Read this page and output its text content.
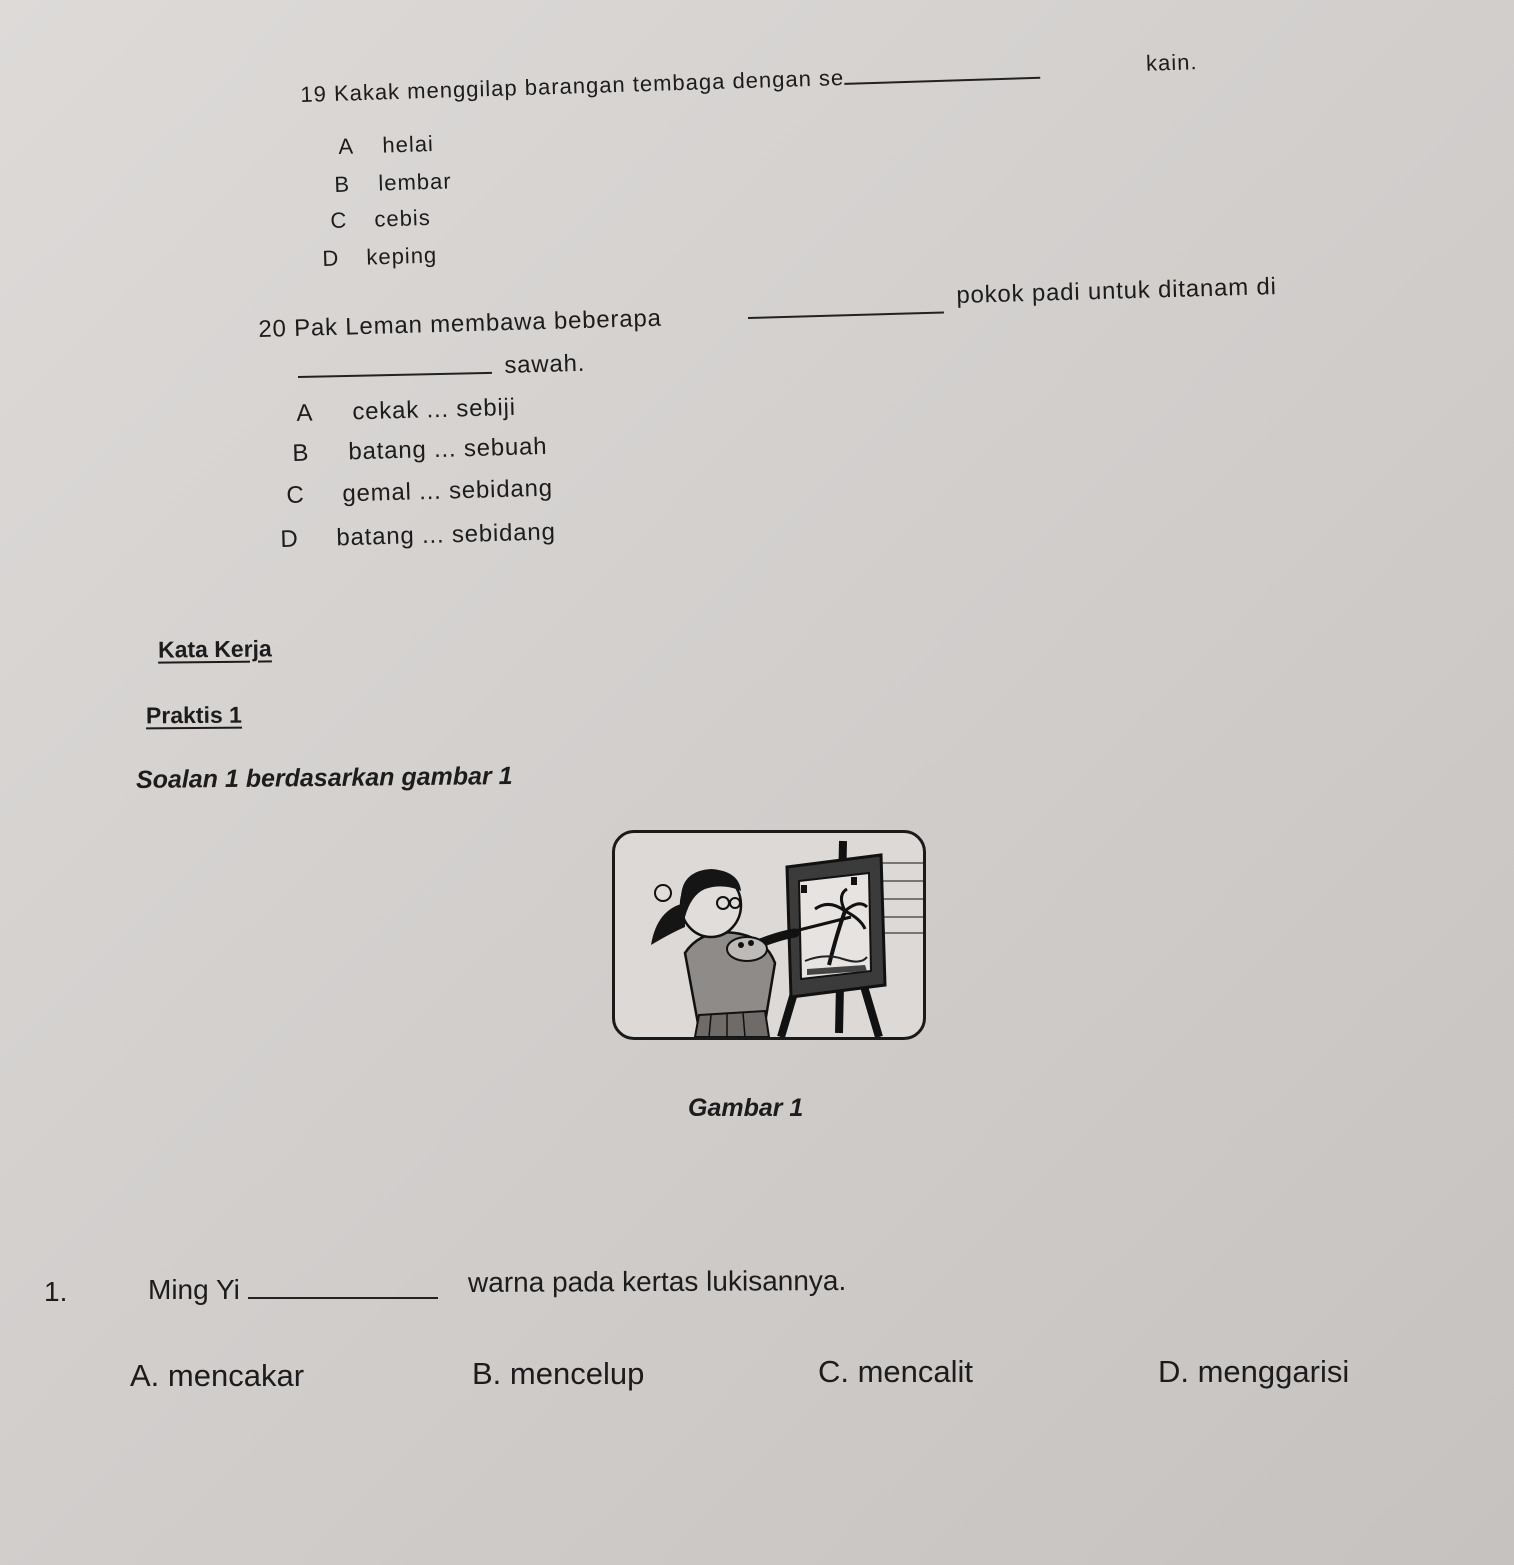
19 Kakak menggilap barangan tembaga dengan se
kain.
A helai
B lembar
C cebis
D keping
20 Pak Leman membawa beberapa
pokok padi untuk ditanam di
sawah.
A cekak ... sebiji
B batang ... sebuah
C gemal ... sebidang
D batang ... sebidang
Kata Kerja
Praktis 1
Soalan 1 berdasarkan gambar 1
Gambar 1
1.	Ming Yi	warna pada kertas lukisannya.
A. mencakar	B. mencelup	C. mencalit	D. menggarisi
